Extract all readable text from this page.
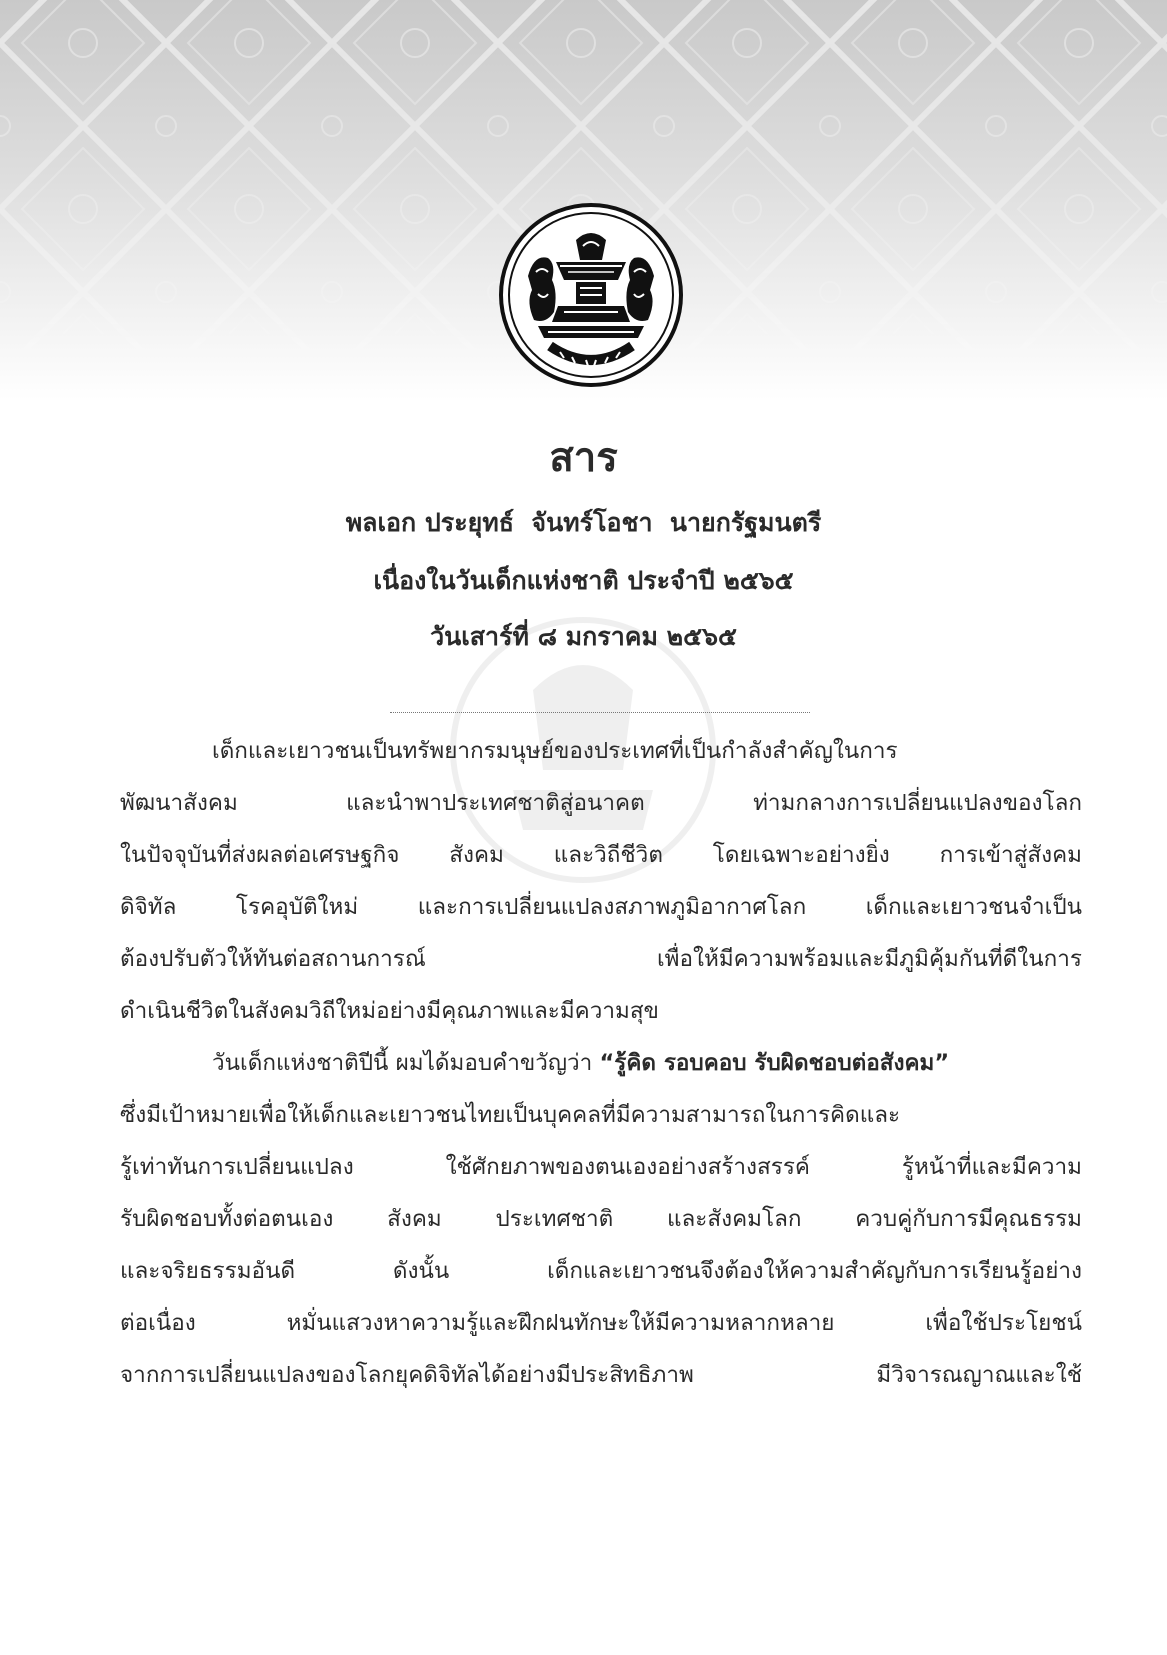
สาร
พลเอก ประยุทธ์  จันทร์โอชา  นายกรัฐมนตรี
เนื่องในวันเด็กแห่งชาติ ประจำปี ๒๕๖๕
วันเสาร์ที่ ๘ มกราคม ๒๕๖๕
เด็กและเยาวชนเป็นทรัพยากรมนุษย์ของประเทศที่เป็นกำลังสำคัญในการ
พัฒนาสังคม และนำพาประเทศชาติสู่อนาคต ท่ามกลางการเปลี่ยนแปลงของโลก
ในปัจจุบันที่ส่งผลต่อเศรษฐกิจ สังคม และวิถีชีวิต โดยเฉพาะอย่างยิ่ง การเข้าสู่สังคม
ดิจิทัล โรคอุบัติใหม่ และการเปลี่ยนแปลงสภาพภูมิอากาศโลก เด็กและเยาวชนจำเป็น
ต้องปรับตัวให้ทันต่อสถานการณ์ เพื่อให้มีความพร้อมและมีภูมิคุ้มกันที่ดีในการ
ดำเนินชีวิตในสังคมวิถีใหม่อย่างมีคุณภาพและมีความสุข
วันเด็กแห่งชาติปีนี้ ผมได้มอบคำขวัญว่า “รู้คิด รอบคอบ รับผิดชอบต่อสังคม”
ซึ่งมีเป้าหมายเพื่อให้เด็กและเยาวชนไทยเป็นบุคคลที่มีความสามารถในการคิดและ
รู้เท่าทันการเปลี่ยนแปลง ใช้ศักยภาพของตนเองอย่างสร้างสรรค์ รู้หน้าที่และมีความ
รับผิดชอบทั้งต่อตนเอง สังคม ประเทศชาติ และสังคมโลก ควบคู่กับการมีคุณธรรม
และจริยธรรมอันดี ดังนั้น เด็กและเยาวชนจึงต้องให้ความสำคัญกับการเรียนรู้อย่าง
ต่อเนื่อง หมั่นแสวงหาความรู้และฝึกฝนทักษะให้มีความหลากหลาย เพื่อใช้ประโยชน์
จากการเปลี่ยนแปลงของโลกยุคดิจิทัลได้อย่างมีประสิทธิภาพ มีวิจารณญาณและใช้
